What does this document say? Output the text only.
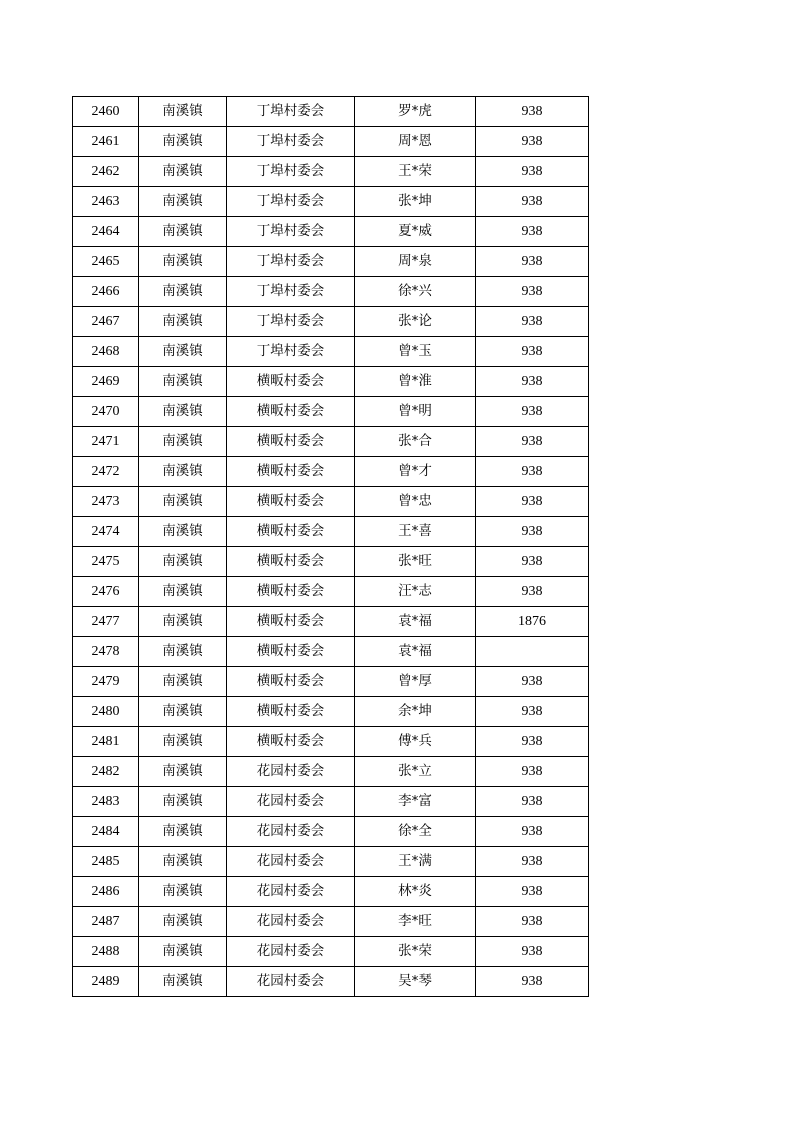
2460	南溪镇	丁埠村委会	罗*虎	938
2461	南溪镇	丁埠村委会	周*恩	938
2462	南溪镇	丁埠村委会	王*荣	938
2463	南溪镇	丁埠村委会	张*坤	938
2464	南溪镇	丁埠村委会	夏*威	938
2465	南溪镇	丁埠村委会	周*泉	938
2466	南溪镇	丁埠村委会	徐*兴	938
2467	南溪镇	丁埠村委会	张*论	938
2468	南溪镇	丁埠村委会	曾*玉	938
2469	南溪镇	横畈村委会	曾*淮	938
2470	南溪镇	横畈村委会	曾*明	938
2471	南溪镇	横畈村委会	张*合	938
2472	南溪镇	横畈村委会	曾*才	938
2473	南溪镇	横畈村委会	曾*忠	938
2474	南溪镇	横畈村委会	王*喜	938
2475	南溪镇	横畈村委会	张*旺	938
2476	南溪镇	横畈村委会	汪*志	938
2477	南溪镇	横畈村委会	袁*福	1876
2478	南溪镇	横畈村委会	袁*福	
2479	南溪镇	横畈村委会	曾*厚	938
2480	南溪镇	横畈村委会	余*坤	938
2481	南溪镇	横畈村委会	傅*兵	938
2482	南溪镇	花园村委会	张*立	938
2483	南溪镇	花园村委会	李*富	938
2484	南溪镇	花园村委会	徐*全	938
2485	南溪镇	花园村委会	王*满	938
2486	南溪镇	花园村委会	林*炎	938
2487	南溪镇	花园村委会	李*旺	938
2488	南溪镇	花园村委会	张*荣	938
2489	南溪镇	花园村委会	吴*琴	938
